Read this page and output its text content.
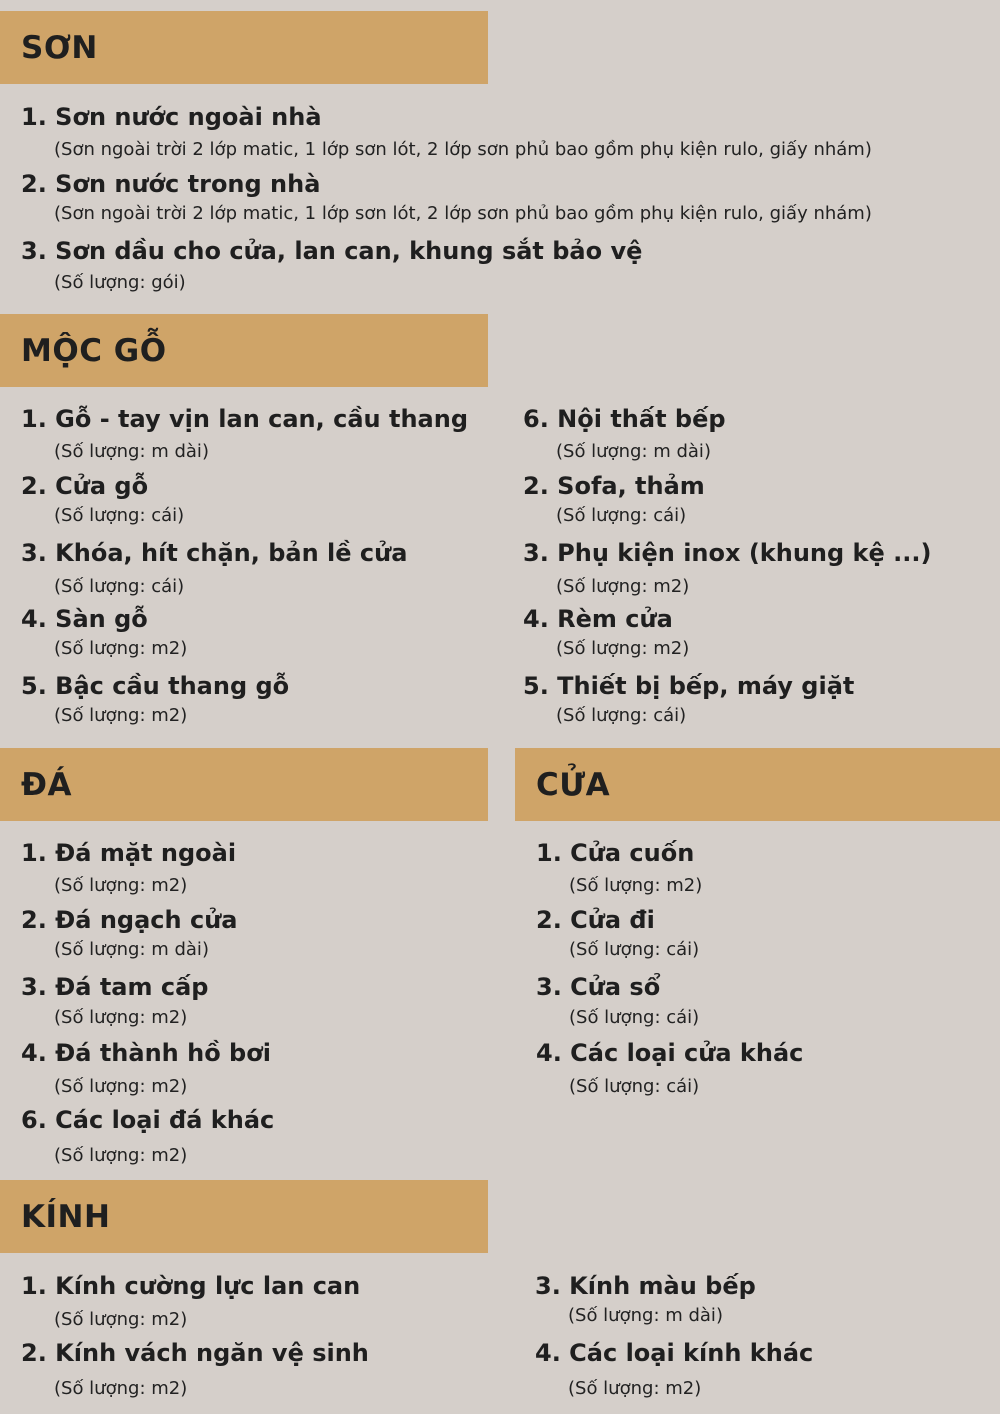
SƠN
1. Sơn nước ngoài nhà
(Sơn ngoài trời 2 lớp matic, 1 lớp sơn lót, 2 lớp sơn phủ bao gồm phụ kiện rulo, giấy nhám)
2. Sơn nước trong nhà
(Sơn ngoài trời 2 lớp matic, 1 lớp sơn lót, 2 lớp sơn phủ bao gồm phụ kiện rulo, giấy nhám)
3. Sơn dầu cho cửa, lan can, khung sắt bảo vệ
(Số lượng: gói)
MỘC GỖ
1. Gỗ - tay vịn lan can, cầu thang
(Số lượng: m dài)
2. Cửa gỗ
(Số lượng: cái)
3. Khóa, hít chặn, bản lề cửa
(Số lượng: cái)
4. Sàn gỗ
(Số lượng: m2)
5. Bậc cầu thang gỗ
(Số lượng: m2)
6. Nội thất bếp
(Số lượng: m dài)
2. Sofa, thảm
(Số lượng: cái)
3. Phụ kiện inox (khung kệ ...)
(Số lượng: m2)
4. Rèm cửa
(Số lượng: m2)
5. Thiết bị bếp, máy giặt
(Số lượng: cái)
ĐÁ
1. Đá mặt ngoài
(Số lượng: m2)
2. Đá ngạch cửa
(Số lượng: m dài)
3. Đá tam cấp
(Số lượng: m2)
4. Đá thành hồ bơi
(Số lượng: m2)
6. Các loại đá khác
(Số lượng: m2)
CỬA
1. Cửa cuốn
(Số lượng: m2)
2. Cửa đi
(Số lượng: cái)
3. Cửa sổ
(Số lượng: cái)
4. Các loại cửa khác
(Số lượng: cái)
KÍNH
1. Kính cường lực lan can
(Số lượng: m2)
2. Kính vách ngăn vệ sinh
(Số lượng: m2)
3. Kính màu bếp
(Số lượng: m dài)
4. Các loại kính khác
(Số lượng: m2)
